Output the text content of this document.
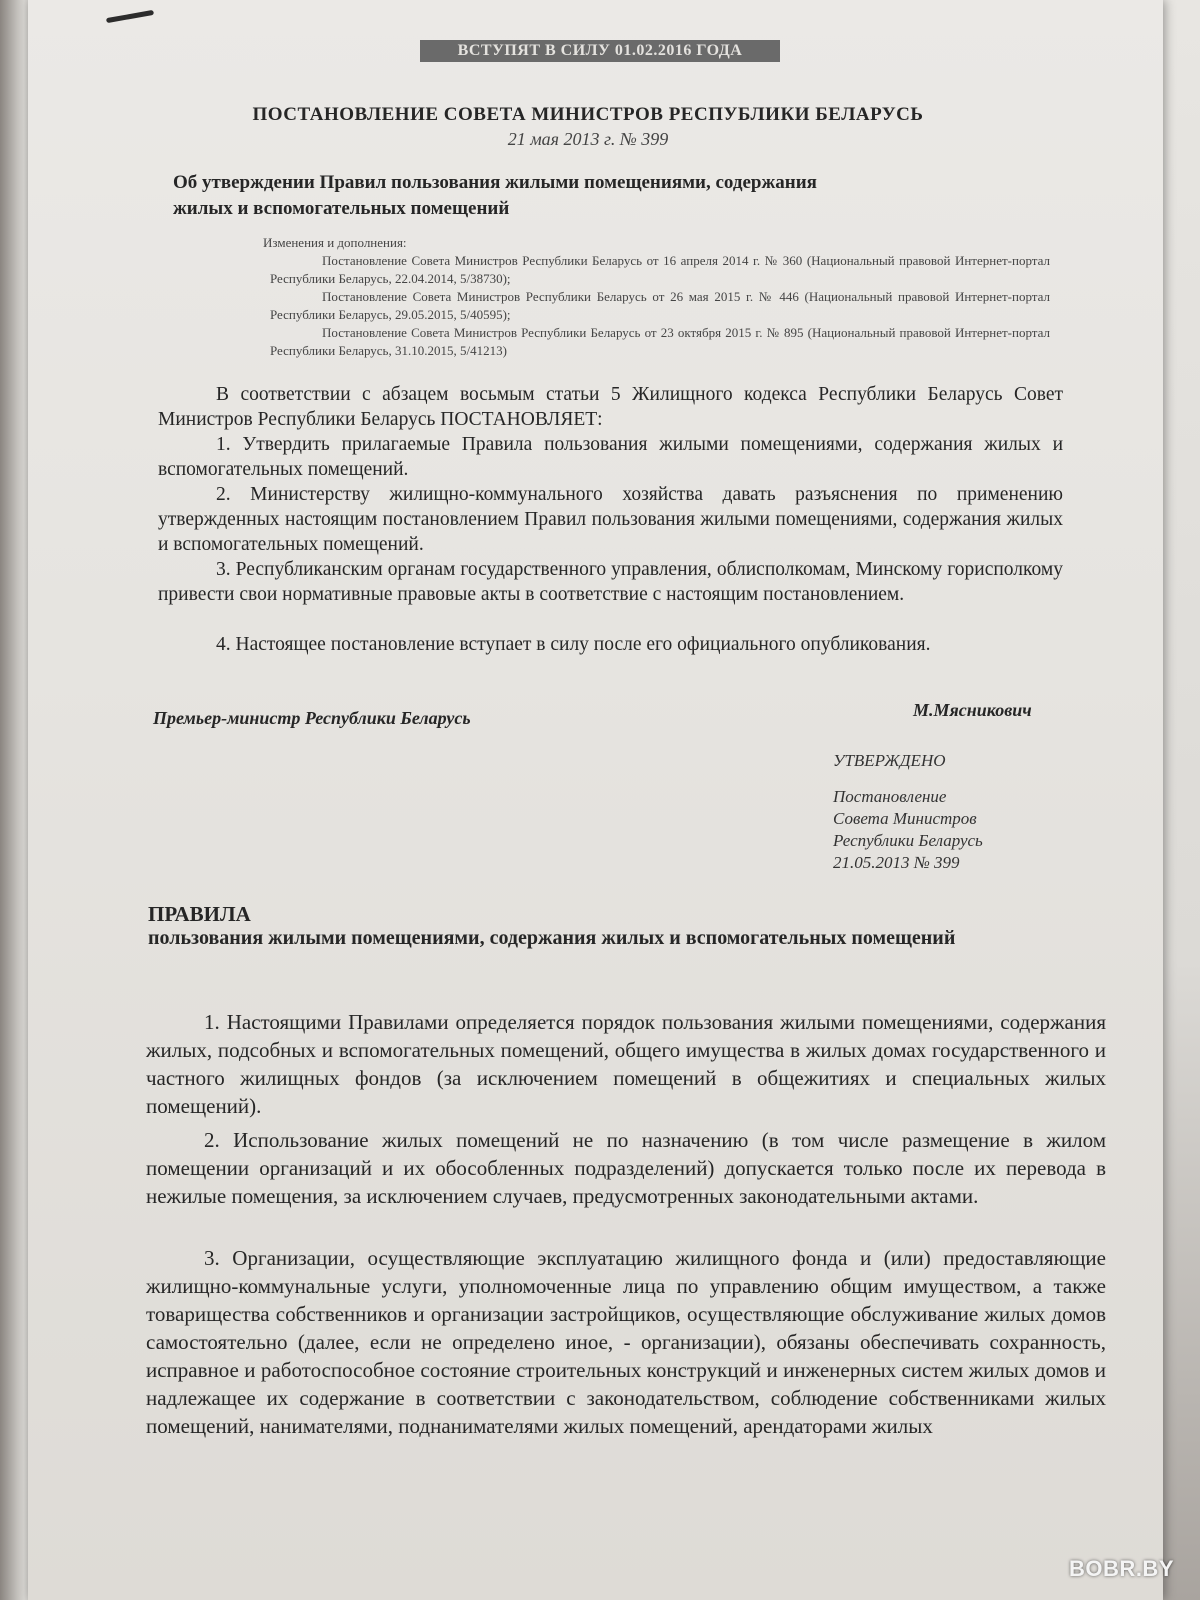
ВСТУПЯТ В СИЛУ 01.02.2016 ГОДА
ПОСТАНОВЛЕНИЕ СОВЕТА МИНИСТРОВ РЕСПУБЛИКИ БЕЛАРУСЬ
21 мая 2013 г. № 399
Об утверждении Правил пользования жилыми помещениями, содержания жилых и вспомогательных помещений
Изменения и дополнения:
Постановление Совета Министров Республики Беларусь от 16 апреля 2014 г. № 360 (Национальный правовой Интернет-портал Республики Беларусь, 22.04.2014, 5/38730);
Постановление Совета Министров Республики Беларусь от 26 мая 2015 г. № 446 (Национальный правовой Интернет-портал Республики Беларусь, 29.05.2015, 5/40595);
Постановление Совета Министров Республики Беларусь от 23 октября 2015 г. № 895 (Национальный правовой Интернет-портал Республики Беларусь, 31.10.2015, 5/41213)
В соответствии с абзацем восьмым статьи 5 Жилищного кодекса Республики Беларусь Совет Министров Республики Беларусь ПОСТАНОВЛЯЕТ:
1. Утвердить прилагаемые Правила пользования жилыми помещениями, содержания жилых и вспомогательных помещений.
2. Министерству жилищно-коммунального хозяйства давать разъяснения по применению утвержденных настоящим постановлением Правил пользования жилыми помещениями, содержания жилых и вспомогательных помещений.
3. Республиканским органам государственного управления, облисполкомам, Минскому горисполкому привести свои нормативные правовые акты в соответствие с настоящим постановлением.
4. Настоящее постановление вступает в силу после его официального опубликования.
Премьер-министр Республики Беларусь	М.Мясникович
УТВЕРЖДЕНО
Постановление
Совета Министров
Республики Беларусь
21.05.2013 № 399
ПРАВИЛА
пользования жилыми помещениями, содержания жилых и вспомогательных помещений
1. Настоящими Правилами определяется порядок пользования жилыми помещениями, содержания жилых, подсобных и вспомогательных помещений, общего имущества в жилых домах государственного и частного жилищных фондов (за исключением помещений в общежитиях и специальных жилых помещений).
2. Использование жилых помещений не по назначению (в том числе размещение в жилом помещении организаций и их обособленных подразделений) допускается только после их перевода в нежилые помещения, за исключением случаев, предусмотренных законодательными актами.
3. Организации, осуществляющие эксплуатацию жилищного фонда и (или) предоставляющие жилищно-коммунальные услуги, уполномоченные лица по управлению общим имуществом, а также товарищества собственников и организации застройщиков, осуществляющие обслуживание жилых домов самостоятельно (далее, если не определено иное, - организации), обязаны обеспечивать сохранность, исправное и работоспособное состояние строительных конструкций и инженерных систем жилых домов и надлежащее их содержание в соответствии с законодательством, соблюдение собственниками жилых помещений, нанимателями, поднанимателями жилых помещений, арендаторами жилых
BOBR.BY
